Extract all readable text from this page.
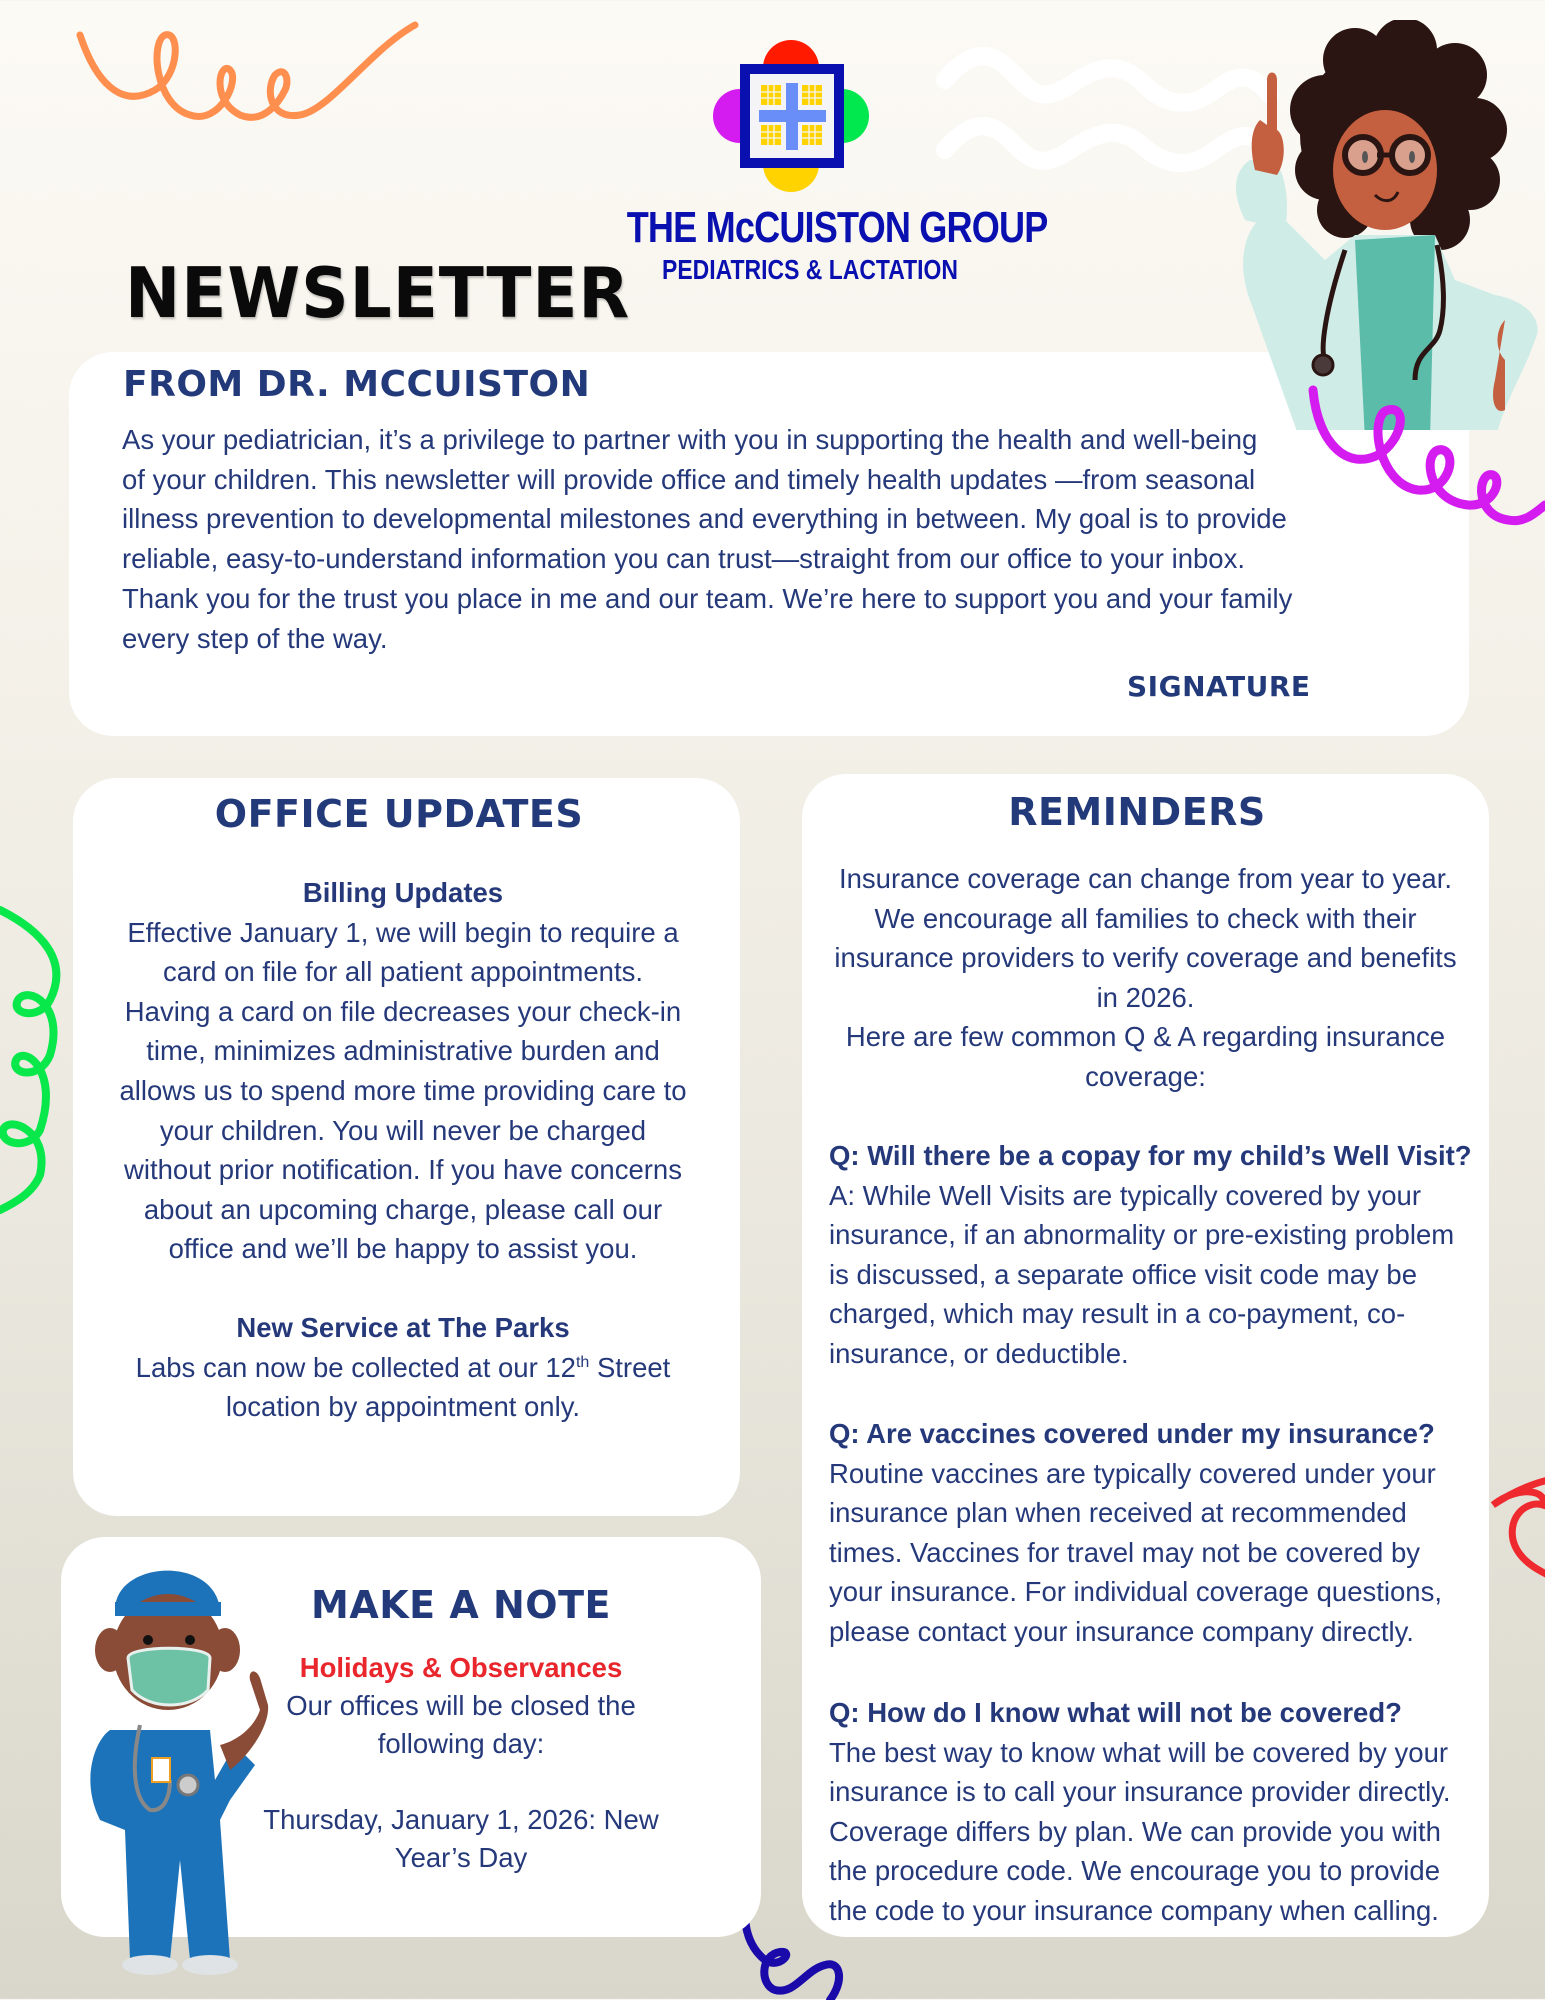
NEWSLETTER
THE McCUISTON GROUP
PEDIATRICS & LACTATION
FROM DR. MCCUISTON
As your pediatrician, it’s a privilege to partner with you in supporting the health and well-being
of your children. This newsletter will provide office and timely health updates —from seasonal
illness prevention to developmental milestones and everything in between. My goal is to provide
reliable, easy-to-understand information you can trust—straight from our office to your inbox.
Thank you for the trust you place in me and our team. We’re here to support you and your family
every step of the way.
SIGNATURE
OFFICE UPDATES
Billing Updates
Effective January 1, we will begin to require a
card on file for all patient appointments.
Having a card on file decreases your check-in
time, minimizes administrative burden and
allows us to spend more time providing care to
your children. You will never be charged
without prior notification. If you have concerns
about an upcoming charge, please call our
office and we’ll be happy to assist you.
New Service at The Parks
Labs can now be collected at our 12th Street
location by appointment only.
MAKE A NOTE
Holidays & Observances
Our offices will be closed the
following day:
Thursday, January 1, 2026: New
Year’s Day
REMINDERS
Insurance coverage can change from year to year.
We encourage all families to check with their
insurance providers to verify coverage and benefits
in 2026.
Here are few common Q & A regarding insurance
coverage:
Q: Will there be a copay for my child’s Well Visit?
A: While Well Visits are typically covered by your
insurance, if an abnormality or pre-existing problem
is discussed, a separate office visit code may be
charged, which may result in a co-payment, co-
insurance, or deductible.
Q: Are vaccines covered under my insurance?
Routine vaccines are typically covered under your
insurance plan when received at recommended
times. Vaccines for travel may not be covered by
your insurance. For individual coverage questions,
please contact your insurance company directly.
Q: How do I know what will not be covered?
The best way to know what will be covered by your
insurance is to call your insurance provider directly.
Coverage differs by plan. We can provide you with
the procedure code. We encourage you to provide
the code to your insurance company when calling.
